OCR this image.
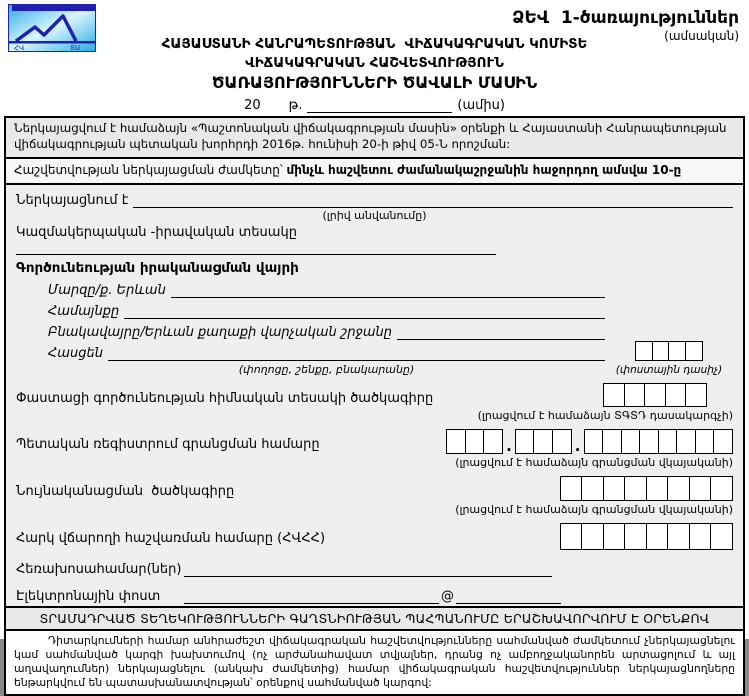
ՀՎ	ՏԱ
ՁԵՎ  1-ծառայություններ
(ամսական)
ՀԱՅԱՍՏԱՆԻ ՀԱՆՐԱՊԵՏՈՒԹՅԱՆ  ՎԻՃԱԿԱԳՐԱԿԱՆ ԿՈՄԻՏԵ
ՎԻՃԱԿԱԳՐԱԿԱՆ ՀԱՇՎԵՏՎՈՒԹՅՈՒՆ
ԾԱՌԱՅՈՒԹՅՈՒՆՆԵՐԻ ԾԱՎԱԼԻ ՄԱՍԻՆ
20 թ.	(ամիս)
Ներկայացվում է համաձայն «Պաշտոնական վիճակագրության մասին» օրենքի և Հայաստանի Հանրապետության վիճակագրության պետական խորհրդի 2016թ. հունիսի 20-ի թիվ 05-Ն որոշման:
Հաշվետվության ներկայացման ժամկետը՝ մինչև հաշվետու ժամանակաշրջանին հաջորդող ամսվա 10-ը
Ներկայացնում է
(լրիվ անվանումը)
Կազմակերպական -իրավական տեսակը
Գործունեության իրականացման վայրի
Մարզը/ք. Երևան
Համայնքը
Բնակավայրը/Երևան քաղաքի վարչական շրջանը
Հասցեն
(փողոցը, շենքը, բնակարանը)	(փոստային դասիչ)
Փաստացի գործունեության հիմնական տեսակի ծածկագիրը
(լրացվում է համաձայն ՏԳՏԴ դասակարգչի)
Պետական ռեգիստրում գրանցման համարը	.	.
(լրացվում է համաձայն գրանցման վկայականի)
Նույնականացման  ծածկագիրը
(լրացվում է համաձայն գրանցման վկայականի)
Հարկ վճարողի հաշվառման համարը (ՀՎՀՀ)
Հեռախոսահամար(ներ)
Էլեկտրոնային փոստ	@
ՏՐԱՄԱԴՐՎԱԾ ՏԵՂԵԿՈՒԹՅՈՒՆՆԵՐԻ ԳԱՂՏՆԻՈՒԹՅԱՆ ՊԱՀՊԱՆՈՒՄԸ ԵՐԱՇԽԱՎՈՐՎՈՒՄ Է ՕՐԵՆՔՈՎ

Դիտարկումների համար անհրաժեշտ վիճակագրական հաշվետվությունները սահմանված ժամկետում չներկայացնելու կամ սահմանված կարգի խախտումով (ոչ արժանահավատ տվյալներ, դրանց ոչ ամբողջականորեն արտացոլում և այլ աղավաղումներ) ներկայացնելու (անկախ ժամկետից) համար վիճակագրական հաշվետվություններ ներկայացնողները ենթարկվում են պատասխանատվության՝ օրենքով սահմանված կարգով:
